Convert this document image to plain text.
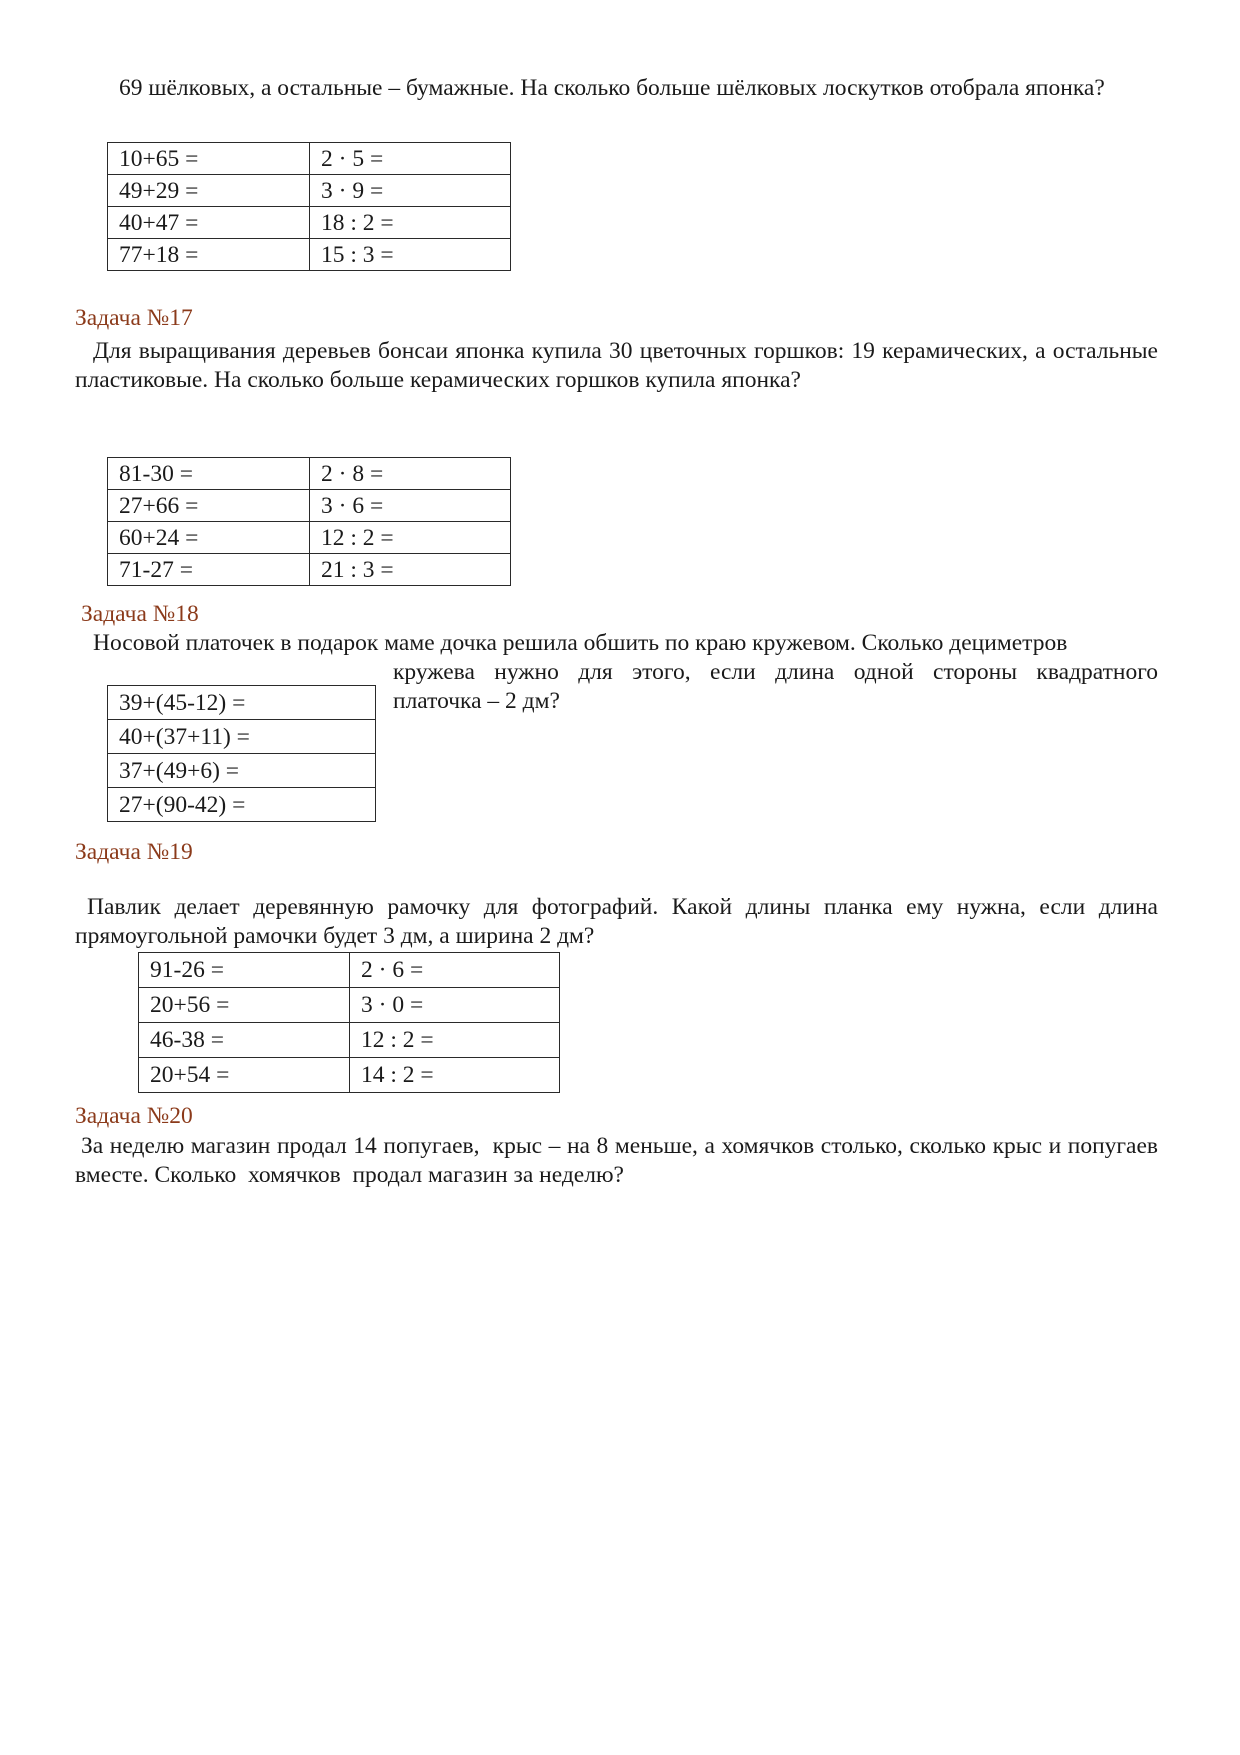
69 шёлковых, а остальные – бумажные. На сколько больше шёлковых лоскутков отобрала японка?

10+65 =	2 · 5 =
49+29 =	3 · 9 =
40+47 =	18 : 2 =
77+18 =	15 : 3 =

Задача №17

Для выращивания деревьев бонсаи японка купила 30 цветочных горшков: 19 керамических, а остальные пластиковые. На сколько больше керамических горшков купила японка?

81-30 =	2 · 8 =
27+66 =	3 · 6 =
60+24 =	12 : 2 =
71-27 =	21 : 3 =

Задача №18

Носовой платочек в подарок маме дочка решила обшить по краю кружевом. Сколько дециметров

кружева нужно для этого, если длина одной стороны квадратного

платочка – 2 дм?

39+(45-12) =
40+(37+11) =
37+(49+6) =
27+(90-42) =

Задача №19

Павлик делает деревянную рамочку для фотографий. Какой длины планка ему нужна, если длина прямоугольной рамочки будет 3 дм, а ширина 2 дм?

91-26 =	2 · 6 =
20+56 =	3 · 0 =
46-38 =	12 : 2 =
20+54 =	14 : 2 =

Задача №20

За неделю магазин продал 14 попугаев,  крыс – на 8 меньше, а хомячков столько, сколько крыс и попугаев вместе. Сколько  хомячков  продал магазин за неделю?
